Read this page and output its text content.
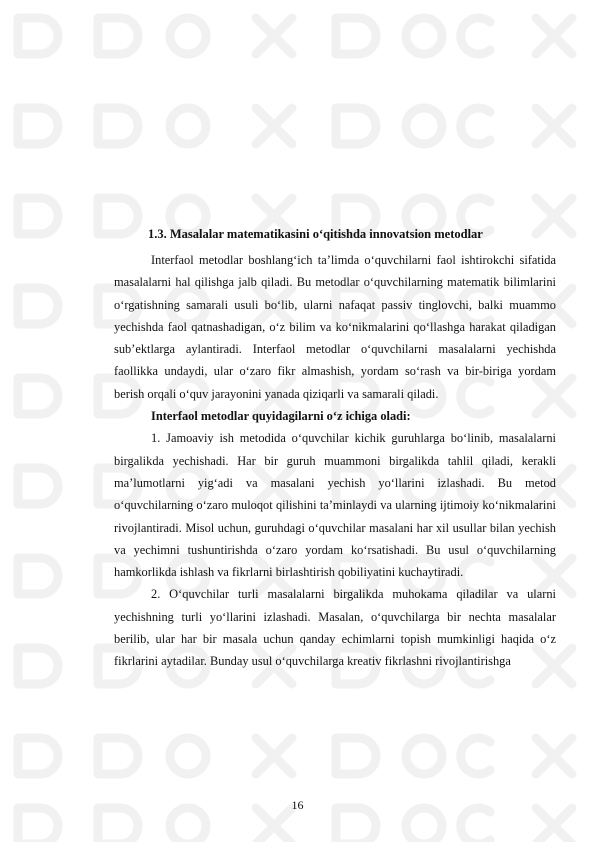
1.3. Masalalar matematikasini o‘qitishda innovatsion metodlar

Interfaol metodlar boshlang‘ich ta’limda o‘quvchilarni faol ishtirokchi sifatida masalalarni hal qilishga jalb qiladi. Bu metodlar o‘quvchilarning matematik bilimlarini o‘rgatishning samarali usuli bo‘lib, ularni nafaqat passiv tinglovchi, balki muammo yechishda faol qatnashadigan, o‘z bilim va ko‘nikmalarini qo‘llashga harakat qiladigan sub’ektlarga aylantiradi. Interfaol metodlar o‘quvchilarni masalalarni yechishda faollikka undaydi, ular o‘zaro fikr almashish, yordam so‘rash va bir-biriga yordam berish orqali o‘quv jarayonini yanada qiziqarli va samarali qiladi.

Interfaol metodlar quyidagilarni o‘z ichiga oladi:

1. Jamoaviy ish metodida o‘quvchilar kichik guruhlarga bo‘linib, masalalarni birgalikda yechishadi. Har bir guruh muammoni birgalikda tahlil qiladi, kerakli ma’lumotlarni yig‘adi va masalani yechish yo‘llarini izlashadi. Bu metod o‘quvchilarning o‘zaro muloqot qilishini ta’minlaydi va ularning ijtimoiy ko‘nikmalarini rivojlantiradi. Misol uchun, guruhdagi o‘quvchilar masalani har xil usullar bilan yechish va yechimni tushuntirishda o‘zaro yordam ko‘rsatishadi. Bu usul o‘quvchilarning hamkorlikda ishlash va fikrlarni birlashtirish qobiliyatini kuchaytiradi.

2. O‘quvchilar turli masalalarni birgalikda muhokama qiladilar va ularni yechishning turli yo‘llarini izlashadi. Masalan, o‘quvchilarga bir nechta masalalar berilib, ular har bir masala uchun qanday echimlarni topish mumkinligi haqida o‘z fikrlarini aytadilar. Bunday usul o‘quvchilarga kreativ fikrlashni rivojlantirishga

16
